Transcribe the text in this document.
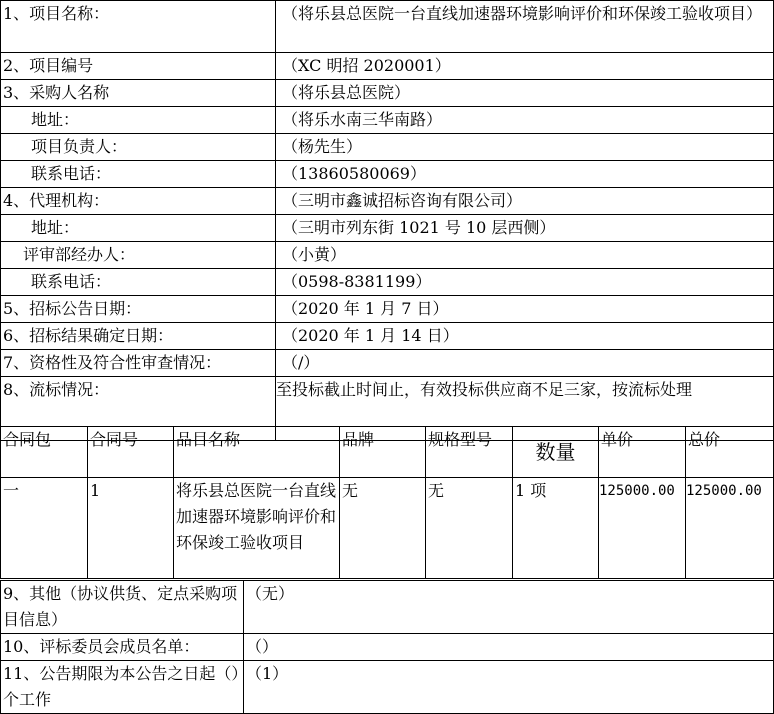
1、项目名称：	（将乐县总医院一台直线加速器环境影响评价和环保竣工验收项目）
2、项目编号	（XC 明招 2020001）
3、采购人名称	（将乐县总医院）
地址：	（将乐水南三华南路）
项目负责人：	（杨先生）
联系电话：	（13860580069）
4、代理机构：	（三明市鑫诚招标咨询有限公司）
地址：	（三明市列东街 1021 号 10 层西侧）
评审部经办人：	（小黄）
联系电话：	（0598-8381199）
5、招标公告日期：	（2020 年 1 月 7 日）
6、招标结果确定日期：	（2020 年 1 月 14 日）
7、资格性及符合性审查情况：	（/）
8、流标情况：	至投标截止时间止，有效投标供应商不足三家，按流标处理
合同包	合同号	品目名称	品牌	规格型号	数量	单价	总价
一	1	将乐县总医院一台直线加速器环境影响评价和环保竣工验收项目	无	无	1 项	125000.00	125000.00
9、其他（协议供货、定点采购项目信息）	（无）
10、评标委员会成员名单：	（）
11、公告期限为本公告之日起（）个工作	（1）
